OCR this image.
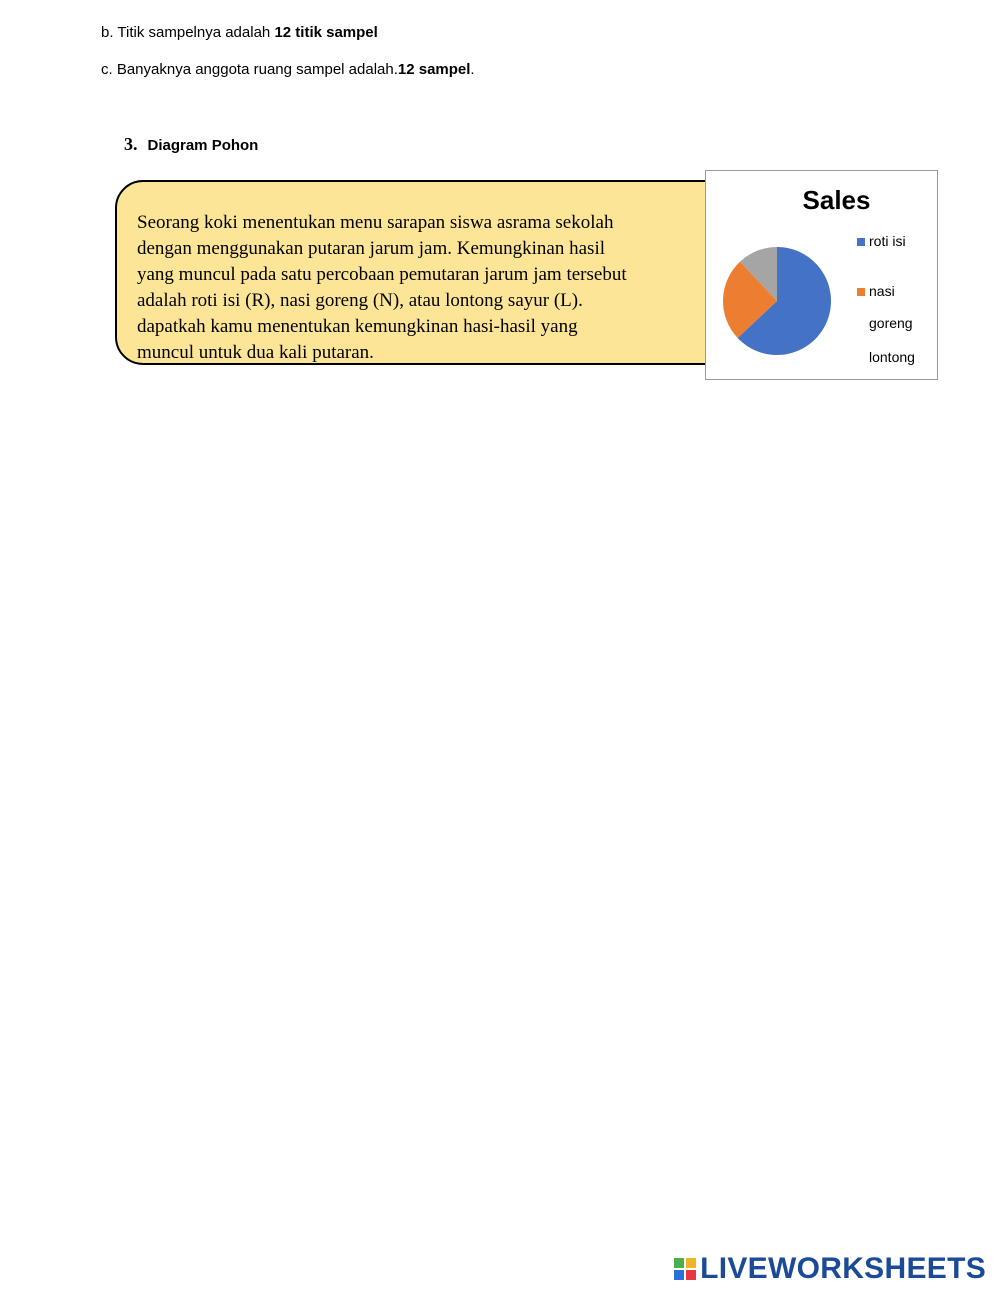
b. Titik sampelnya adalah 12 titik sampel
c. Banyaknya anggota ruang sampel adalah.12 sampel.
3. Diagram Pohon
Seorang koki menentukan menu sarapan siswa asrama sekolah dengan menggunakan putaran jarum jam. Kemungkinan hasil yang muncul pada satu percobaan pemutaran jarum jam tersebut adalah roti isi (R), nasi goreng (N), atau lontong sayur (L). dapatkah kamu menentukan kemungkinan hasi-hasil yang muncul untuk dua kali putaran.
Sales
roti isi
nasi goreng
lontong
LIVEWORKSHEETS
